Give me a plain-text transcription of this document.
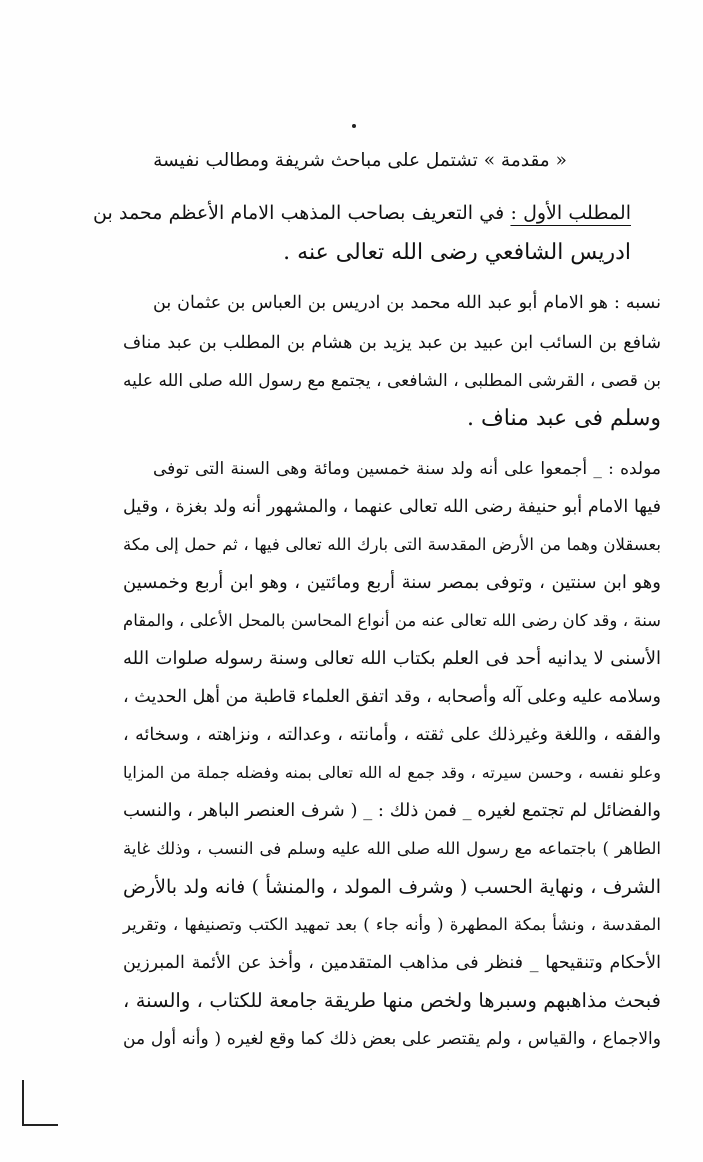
« مقدمة » تشتمل على مباحث شريفة ومطالب نفيسة
المطلب الأول : في التعريف بصاحب المذهب الامام الأعظم محمد بن
ادريس الشافعي رضى الله تعالى عنه .
نسبه : هو الامام أبو عبد الله محمد بن ادريس بن العباس بن عثمان بن
شافع بن السائب ابن عبيد بن عبد يزيد بن هشام بن المطلب بن عبد مناف
بن قصى ، القرشى المطلبى ، الشافعى ، يجتمع مع رسول الله صلى الله عليه
وسلم فى عبد مناف .
مولده : _ أجمعوا على أنه ولد سنة خمسين ومائة وهى السنة التى توفى
فيها الامام أبو حنيفة رضى الله تعالى عنهما ، والمشهور أنه ولد بغزة ، وقيل
بعسقلان وهما من الأرض المقدسة التى بارك الله تعالى فيها ، ثم حمل إلى مكة
وهو ابن سنتين ، وتوفى بمصر سنة أربع ومائتين ، وهو ابن أربع وخمسين
سنة ، وقد كان رضى الله تعالى عنه من أنواع المحاسن بالمحل الأعلى ، والمقام
الأسنى لا يدانيه أحد فى العلم بكتاب الله تعالى وسنة رسوله صلوات الله
وسلامه عليه وعلى آله وأصحابه ، وقد اتفق العلماء قاطبة من أهل الحديث ،
والفقه ، واللغة وغيرذلك على ثقته ، وأمانته ، وعدالته ، ونزاهته ، وسخائه ،
وعلو نفسه ، وحسن سيرته ، وقد جمع له الله تعالى بمنه وفضله جملة من المزايا
والفضائل لم تجتمع لغيره _ فمن ذلك : _ ( شرف العنصر الباهر ، والنسب
الطاهر ) باجتماعه مع رسول الله صلى الله عليه وسلم فى النسب ، وذلك غاية
الشرف ، ونهاية الحسب ( وشرف المولد ، والمنشأ ) فانه ولد بالأرض
المقدسة ، ونشأ بمكة المطهرة ( وأنه جاء ) بعد تمهيد الكتب وتصنيفها ، وتقرير
الأحكام وتنقيحها _ فنظر فى مذاهب المتقدمين ، وأخذ عن الأئمة المبرزين
فبحث مذاهبهم وسبرها ولخص منها طريقة جامعة للكتاب ، والسنة ،
والاجماع ، والقياس ، ولم يقتصر على بعض ذلك كما وقع لغيره ( وأنه أول من
